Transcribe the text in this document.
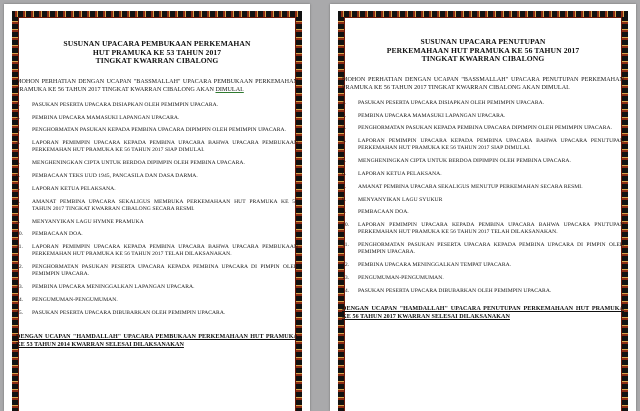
SUSUNAN UPACARA PEMBUKAAN PERKEMAHAN
HUT PRAMUKA KE 53 TAHUN 2017
TINGKAT KWARRAN CIBALONG
MOHON PERHATIAN DENGAN UCAPAN "BASSMALLAH" UPACARA PEMBUKAAN PERKEMAHAN PRAMUKA KE 56 TAHUN 2017 TINGKAT KWARRAN CIBALONG AKAN DIMULAI.
1. PASUKAN PESERTA UPACARA DISIAPKAN OLEH PEMIMPIN UPACARA.
2. PEMBINA UPACARA MAMASUKI LAPANGAN UPACARA.
3. PENGHORMATAN PASUKAN KEPADA PEMBINA UPACARA DIPIMPIN OLEH PEMIMPIN UPACARA.
4. LAPORAN PEMIMPIN UPACARA KEPADA PEMBINA UPACARA BAHWA UPACARA PEMBUKAAN PERKEMAHAN HUT PRAMUKA KE 56 TAHUN 2017 SIAP DIMULAI.
5. MENGHENINGKAN CIPTA UNTUK BERDOA DIPIMPIN OLEH PEMBINA UPACARA.
6. PEMBACAAN TEKS UUD 1945, PANCASILA DAN DASA DARMA.
7. LAPORAN KETUA PELAKSANA.
8. AMANAT PEMBINA UPACARA SEKALIGUS MEMBUKA PERKEMAHAAN HUT PRAMUKA KE 56 TAHUN 2017 TINGKAT KWARRAN CIBALONG SECARA RESMI.
9. MENYANYIKAN LAGU HYMNE PRAMUKA
10. PEMBACAAN DOA.
11. LAPORAN PEMIMPIN UPACARA KEPADA PEMBINA UPACARA BAHWA UPACARA PEMBUKAAN PERKEMAHAN HUT PRAMUKA KE 56 TAHUN 2017 TELAH DILAKSANAKAN.
12. PENGHORMATAN PASUKAN PESERTA UPACARA KEPADA PEMBINA UPACARA DI PIMPIN OLEH PEMIMPIN UPACARA.
13. PEMBINA UPACARA MENINGGALKAN LAPANGAN UPACARA.
14. PENGUMUMAN-PENGUMUMAN.
15. PASUKAN PESERTA UPACARA DIBUBARKAN OLEH PEMIMPIN UPACARA.
DENGAN UCAPAN "HAMDALLAH" UPACARA PEMBUKAAN PERKEMAHAAN HUT PRAMUKA KE 53 TAHUN 2014 KWARRAN SELESAI DILAKSANAKAN
SUSUNAN UPACARA PENUTUPAN
PERKEMAHAAN HUT PRAMUKA KE 56 TAHUN 2017
TINGKAT KWARRAN CIBALONG
MOHON PERHATIAN DENGAN UCAPAN "BASSMALLAH" UPACARA PENUTUPAN PERKEMAHAN PRAMUKA KE 56 TAHUN 2017 TINGKAT KWARRAN CIBALONG AKAN DIMULAI.
1. PASUKAN PESERTA UPACARA DISIAPKAN OLEH PEMIMPIN UPACARA.
2. PEMBINA UPACARA MAMASUKI LAPANGAN UPACARA.
3. PENGHORMATAN PASUKAN KEPADA PEMBINA UPACARA DIPIMPIN OLEH PEMIMPIN UPACARA.
4. LAPORAN PEMIMPIN UPACARA KEPADA PEMBINA UPACARA BAHWA UPACARA PENUTUPAN PERKEMAHAN HUT PRAMUKA KE 56 TAHUN 2017 SIAP DIMULAI.
5. MENGHENINGKAN CIPTA UNTUK BERDOA DIPIMPIN OLEH PEMBINA UPACARA.
6. LAPORAN KETUA PELAKSANA.
7. AMANAT PEMBINA UPACARA SEKALIGUS MENUTUP PERKEMAHAN SECARA RESMI.
8. MENYANYIKAN LAGU SYUKUR
9. PEMBACAAN DOA.
10. LAPORAN PEMIMPIN UPACARA KEPADA PEMBINA UPACARA BAHWA UPACARA PNUTUPAN PERKEMAHAN HUT PRAMUKA KE 56 TAHUN 2017 TELAH DILAKSANAKAN.
11. PENGHORMATAN PASUKAN PESERTA UPACARA KEPADA PEMBINA UPACARA DI PIMPIN OLEH PEMIMPIN UPACARA.
12. PEMBINA UPACARA MENINGGALKAN TEMPAT UPACARA.
13. PENGUMUMAN-PENGUMUMAN.
14. PASUKAN PESERTA UPACARA DIBUBARKAN OLEH PEMIMPIN UPACARA.
DENGAN UCAPAN "HAMDALLAH" UPACARA PENUTUPAN PERKEMAHAAN HUT PRAMUKA KE 56 TAHUN 2017 KWARRAN SELESAI DILAKSANAKAN
